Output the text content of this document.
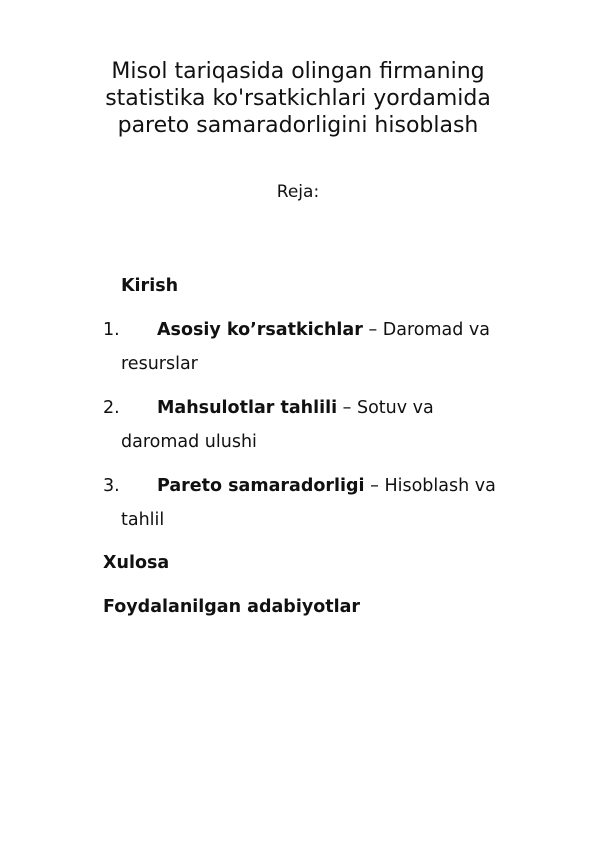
Misol tariqasida olingan firmaning
statistika ko'rsatkichlari yordamida
pareto samaradorligini hisoblash

Reja:

Kirish
1. Asosiy ko’rsatkichlar – Daromad va
resurslar
2. Mahsulotlar tahlili – Sotuv va
daromad ulushi
3. Pareto samaradorligi – Hisoblash va
tahlil
Xulosa
Foydalanilgan adabiyotlar
